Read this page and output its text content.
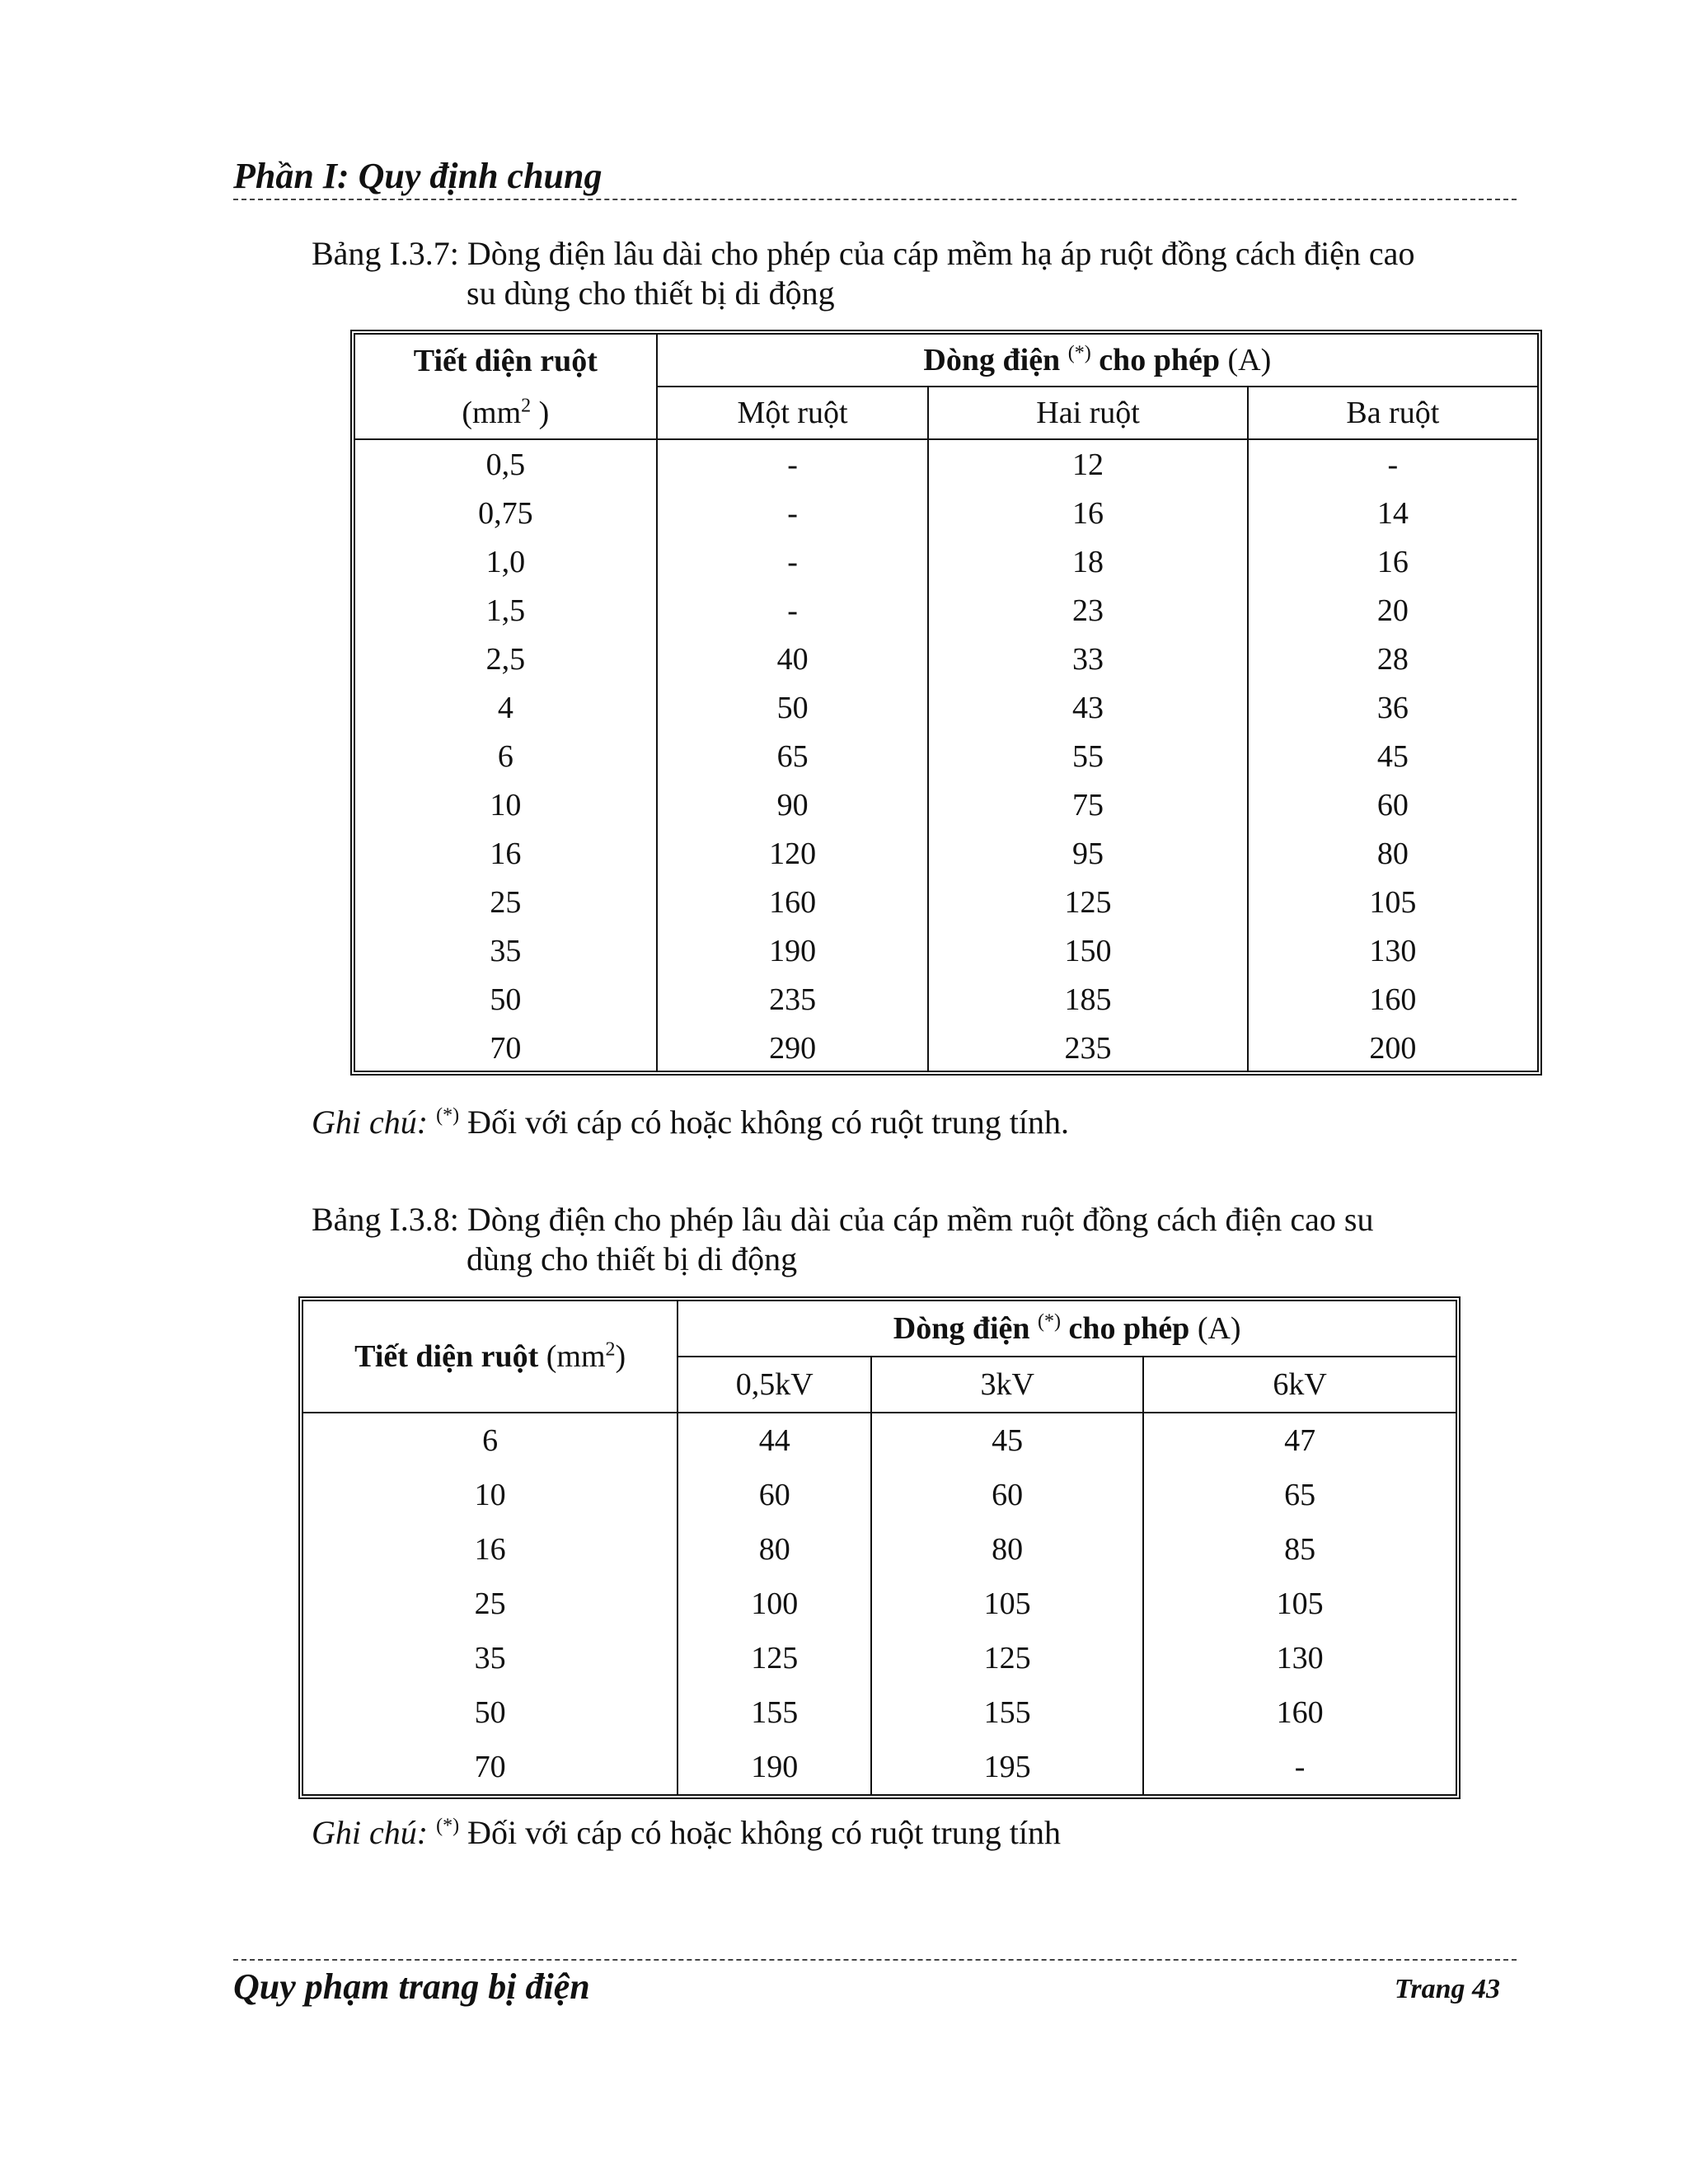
Phần I: Quy định chung
Bảng I.3.7: Dòng điện lâu dài cho phép của cáp mềm hạ áp ruột đồng cách điện cao
su dùng cho thiết bị di động
Tiết diện ruột	Dòng điện (*) cho phép (A)		
($mm^2$ )	Một ruột	Hai ruột	Ba ruột
0,5	-	12	-
0,75	-	16	14
1,0	-	18	16
1,5	-	23	20
2,5	40	33	28
4	50	43	36
6	65	55	45
10	90	75	60
16	120	95	80
25	160	125	105
35	190	150	130
50	235	185	160
70	290	235	200
Ghi chú: (*) Đối với cáp có hoặc không có ruột trung tính.
Bảng I.3.8: Dòng điện cho phép lâu dài của cáp mềm ruột đồng cách điện cao su
dùng cho thiết bị di động
Tiết diện ruột $(mm^2)$	Dòng điện (*) cho phép (A)		
	0,5kV	3kV	6kV
6	44	45	47
10	60	60	65
16	80	80	85
25	100	105	105
35	125	125	130
50	155	155	160
70	190	195	-
Ghi chú: (*) Đối với cáp có hoặc không có ruột trung tính
Quy phạm trang bị điện	Trang 43
